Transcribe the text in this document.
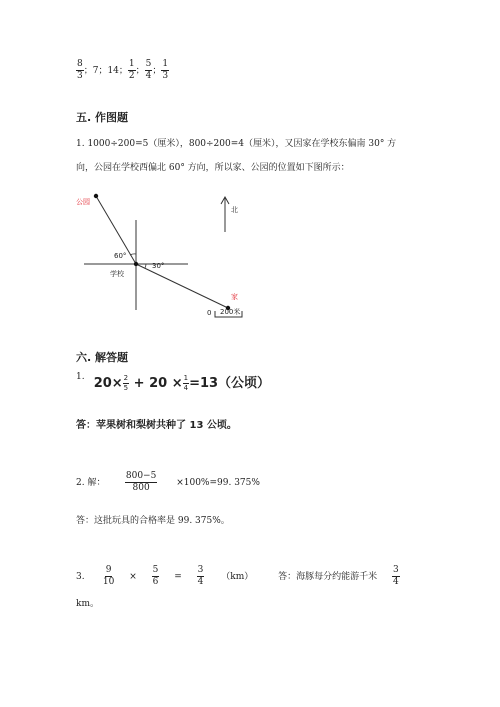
$\frac{8}{3}$ ；7；14； $\frac{1}{2}$ ； $\frac{5}{4}$ ； $\frac{1}{3}$
五. 作图题
1. 1000÷200=5（厘米），800÷200=4（厘米），又因家在学校东偏南 30° 方
向，公园在学校西偏北 60° 方向，所以家、公园的位置如下图所示：
公园
60°
30°
学校
家
北
0 200米
六. 解答题
$^{1.}$ $20\times \frac{2}{5} + 20 \times \frac{1}{4} =13$（公顷）
答：苹果树和梨树共种了 13 公顷。
2. 解： $\frac{800-5}{800} \times 100\%=99$. 375%
答：这批玩具的合格率是 99. 375%。
3. $\frac{9}{10} \times \frac{5}{6} = \frac{3}{4} (km)$	答：海豚每分约能游千米 $\frac{3}{4}$
km。
